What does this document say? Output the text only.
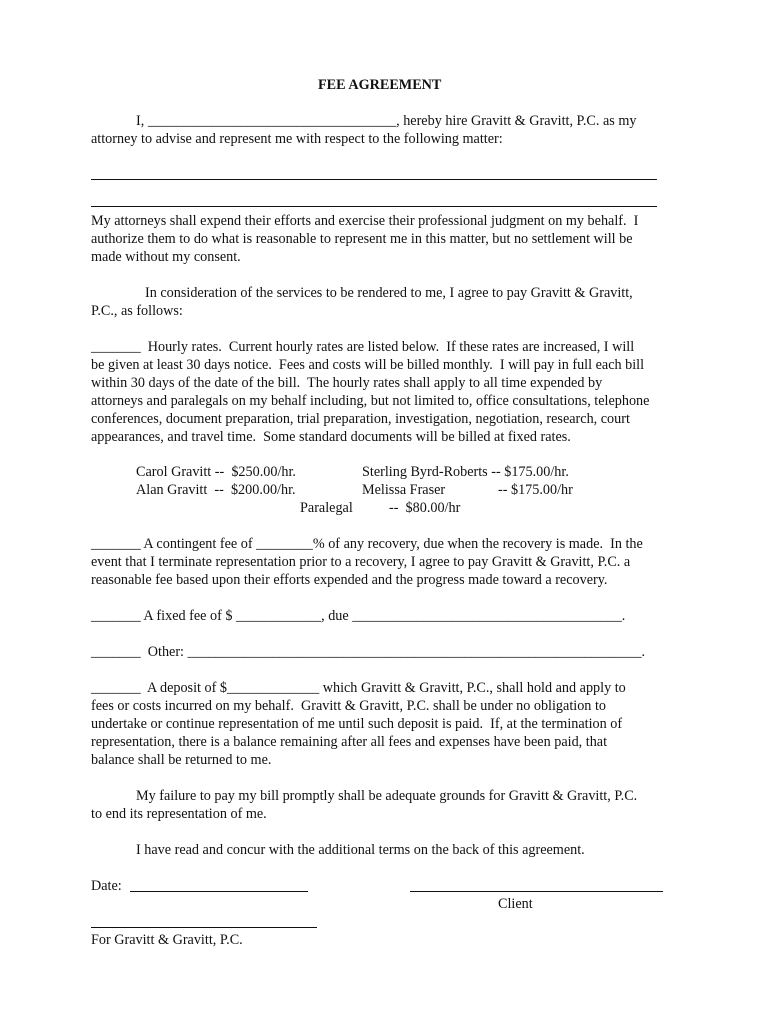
FEE AGREEMENT
I, ___________________________________, hereby hire Gravitt & Gravitt, P.C. as my
attorney to advise and represent me with respect to the following matter:
My attorneys shall expend their efforts and exercise their professional judgment on my behalf.  I
authorize them to do what is reasonable to represent me in this matter, but no settlement will be
made without my consent.
In consideration of the services to be rendered to me, I agree to pay Gravitt & Gravitt,
P.C., as follows:
_______  Hourly rates.  Current hourly rates are listed below.  If these rates are increased, I will
be given at least 30 days notice.  Fees and costs will be billed monthly.  I will pay in full each bill
within 30 days of the date of the bill.  The hourly rates shall apply to all time expended by
attorneys and paralegals on my behalf including, but not limited to, office consultations, telephone
conferences, document preparation, trial preparation, investigation, negotiation, research, court
appearances, and travel time.  Some standard documents will be billed at fixed rates.
Carol Gravitt --  $250.00/hr.	Sterling Byrd-Roberts -- $175.00/hr.
Alan Gravitt  --  $200.00/hr.	Melissa Fraser	-- $175.00/hr
Paralegal	--  $80.00/hr
_______ A contingent fee of ________% of any recovery, due when the recovery is made.  In the
event that I terminate representation prior to a recovery, I agree to pay Gravitt & Gravitt, P.C. a
reasonable fee based upon their efforts expended and the progress made toward a recovery.
_______ A fixed fee of $ ____________, due ______________________________________.
_______  Other: ________________________________________________________________.
_______  A deposit of $_____________ which Gravitt & Gravitt, P.C., shall hold and apply to
fees or costs incurred on my behalf.  Gravitt & Gravitt, P.C. shall be under no obligation to
undertake or continue representation of me until such deposit is paid.  If, at the termination of
representation, there is a balance remaining after all fees and expenses have been paid, that
balance shall be returned to me.
My failure to pay my bill promptly shall be adequate grounds for Gravitt & Gravitt, P.C.
to end its representation of me.
I have read and concur with the additional terms on the back of this agreement.
Date:
Client
For Gravitt & Gravitt, P.C.
